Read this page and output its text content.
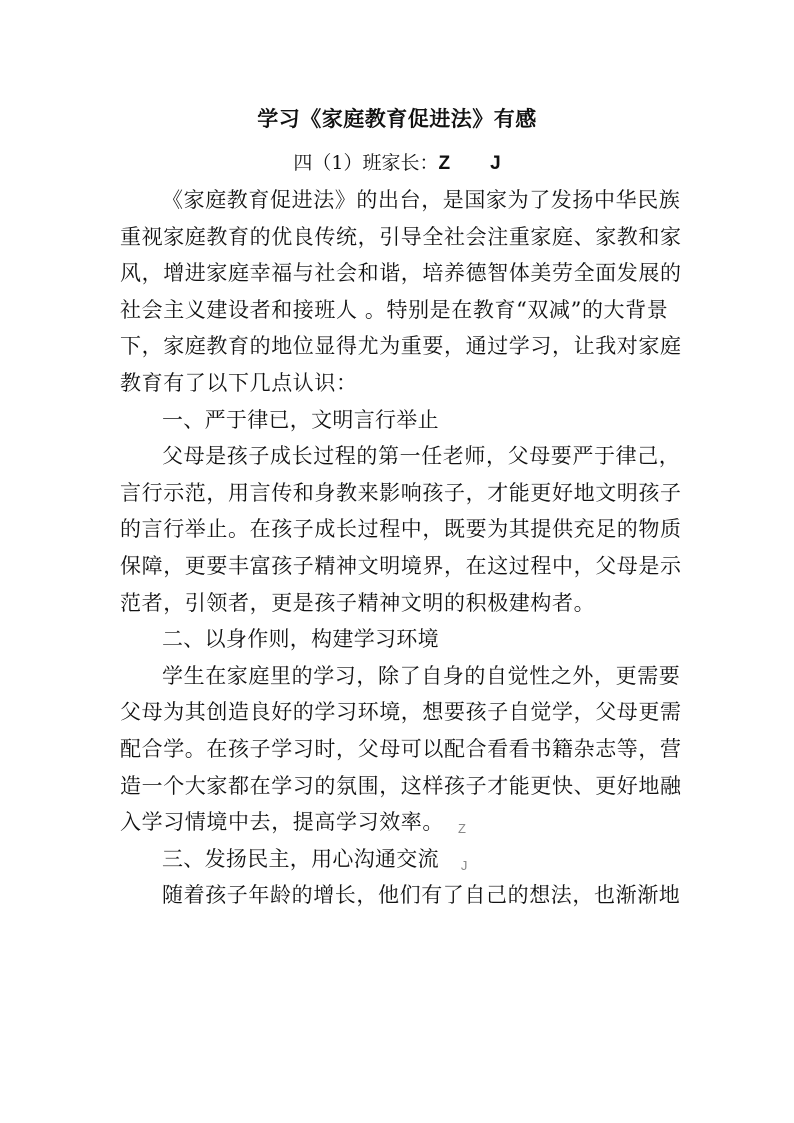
学习《家庭教育促进法》有感
四（1）班家长：Z J
《家庭教育促进法》的出台，是国家为了发扬中华民族
重视家庭教育的优良传统，引导全社会注重家庭、家教和家
风，增进家庭幸福与社会和谐，培养德智体美劳全面发展的
社会主义建设者和接班人 。特别是在教育“双减”的大背景
下，家庭教育的地位显得尤为重要，通过学习，让我对家庭
教育有了以下几点认识：
一、严于律已，文明言行举止
父母是孩子成长过程的第一任老师，父母要严于律己，
言行示范，用言传和身教来影响孩子，才能更好地文明孩子
的言行举止。在孩子成长过程中，既要为其提供充足的物质
保障，更要丰富孩子精神文明境界，在这过程中，父母是示
范者，引领者，更是孩子精神文明的积极建构者。
二、以身作则，构建学习环境
学生在家庭里的学习，除了自身的自觉性之外，更需要
父母为其创造良好的学习环境，想要孩子自觉学，父母更需
配合学。在孩子学习时，父母可以配合看看书籍杂志等，营
造一个大家都在学习的氛围，这样孩子才能更快、更好地融
入学习情境中去，提高学习效率。 Z
三、发扬民主，用心沟通交流 J
随着孩子年龄的增长，他们有了自己的想法，也渐渐地
